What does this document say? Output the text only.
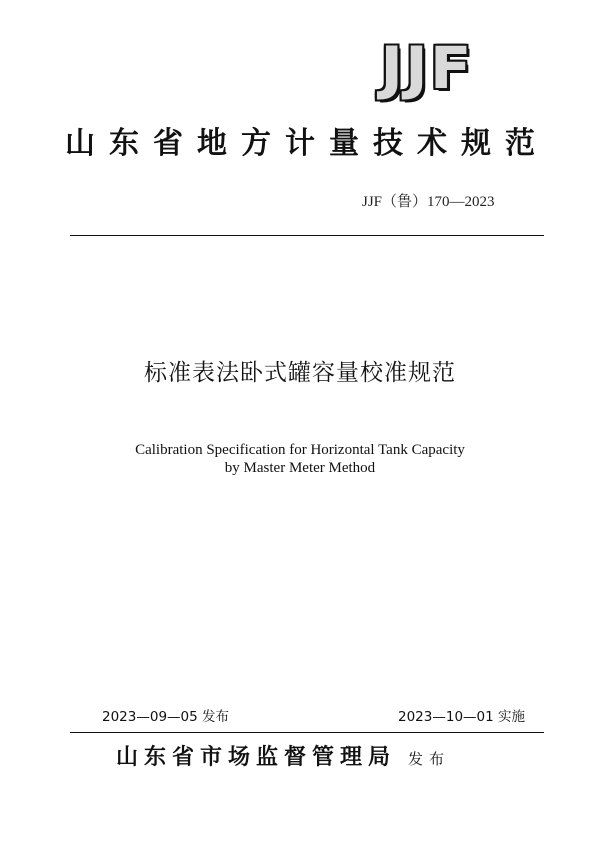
JJF
山东省地方计量技术规范
JJF（鲁）170—2023
标准表法卧式罐容量校准规范
Calibration Specification for Horizontal Tank Capacity
by Master Meter Method
2023—09—05 发布	2023—10—01 实施
山东省市场监督管理局 发布
